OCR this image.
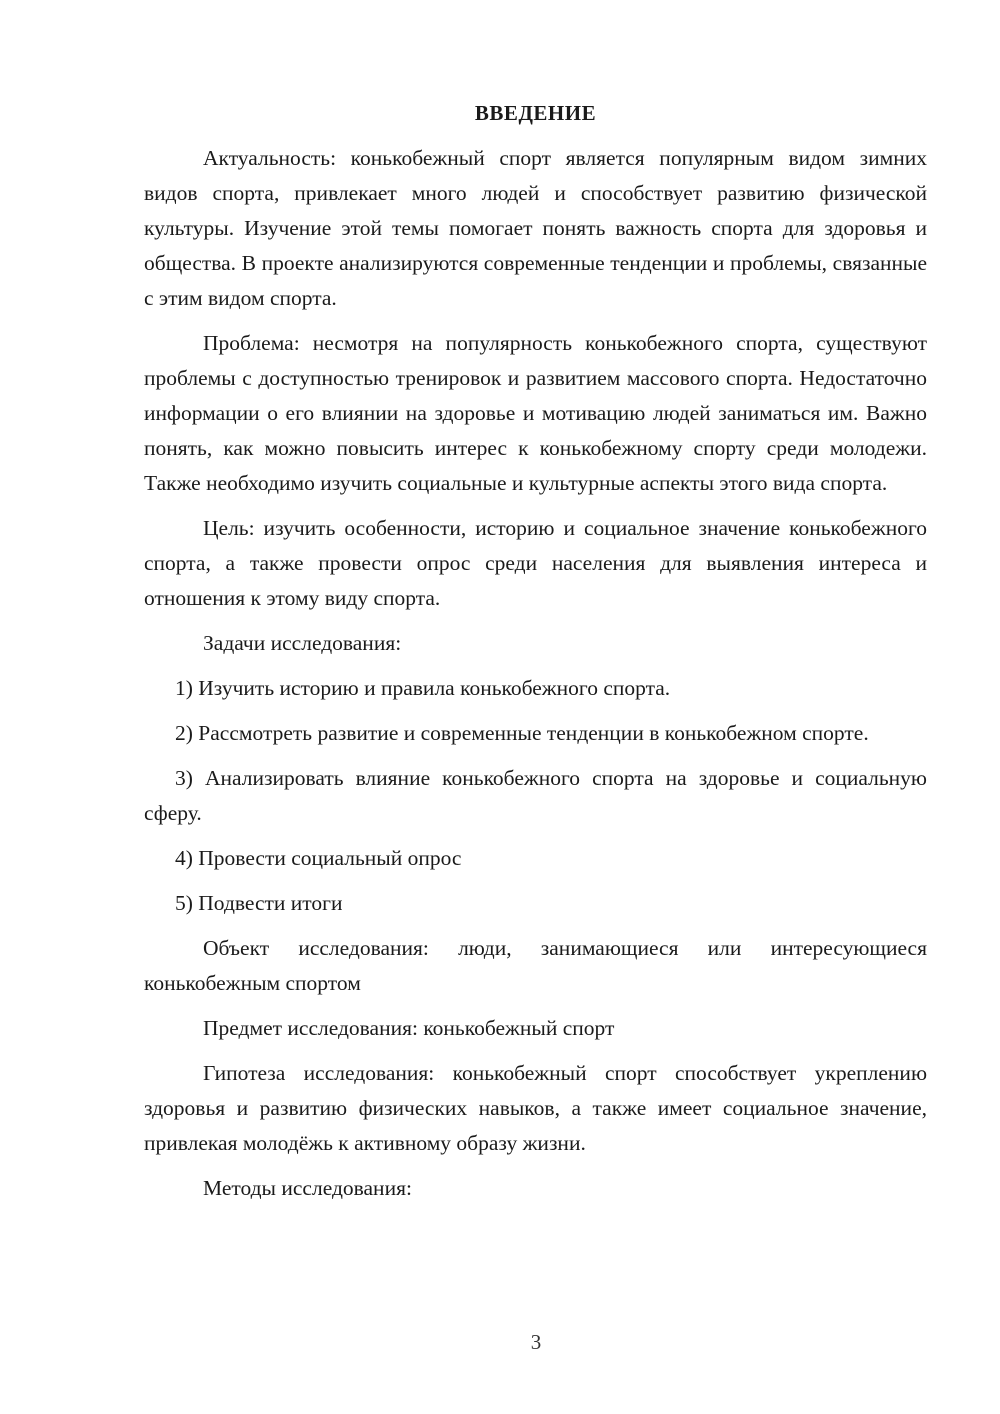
ВВЕДЕНИЕ

Актуальность: конькобежный спорт является популярным видом зимних видов спорта, привлекает много людей и способствует развитию физической культуры. Изучение этой темы помогает понять важность спорта для здоровья и общества. В проекте анализируются современные тенденции и проблемы, связанные с этим видом спорта.

Проблема: несмотря на популярность конькобежного спорта, существуют проблемы с доступностью тренировок и развитием массового спорта. Недостаточно информации о его влиянии на здоровье и мотивацию людей заниматься им. Важно понять, как можно повысить интерес к конькобежному спорту среди молодежи. Также необходимо изучить социальные и культурные аспекты этого вида спорта.

Цель: изучить особенности, историю и социальное значение конькобежного спорта, а также провести опрос среди населения для выявления интереса и отношения к этому виду спорта.

Задачи исследования:

1) Изучить историю и правила конькобежного спорта.

2) Рассмотреть развитие и современные тенденции в конькобежном спорте.

3) Анализировать влияние конькобежного спорта на здоровье и социальную сферу.

4) Провести социальный опрос

5) Подвести итоги

Объект исследования: люди, занимающиеся или интересующиеся конькобежным спортом

Предмет исследования: конькобежный спорт

Гипотеза исследования: конькобежный спорт способствует укреплению здоровья и развитию физических навыков, а также имеет социальное значение, привлекая молодёжь к активному образу жизни.

Методы исследования:

3
